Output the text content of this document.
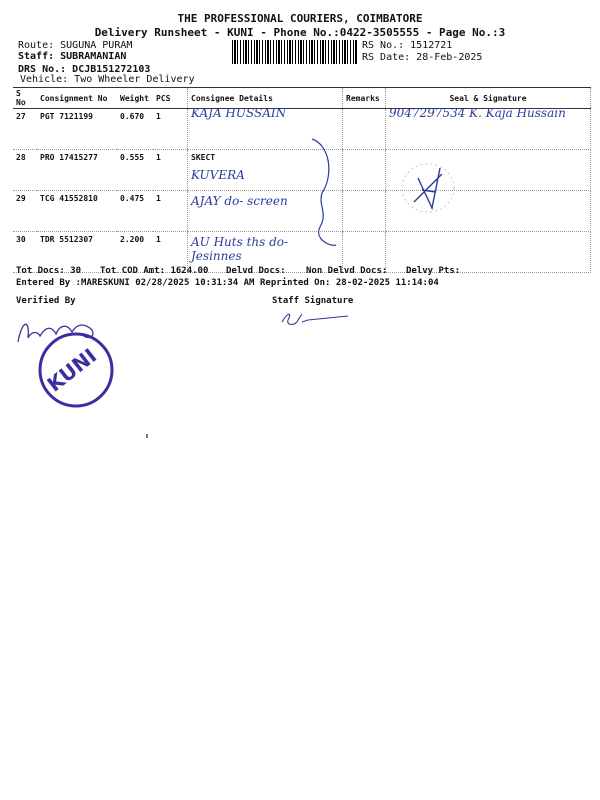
THE PROFESSIONAL COURIERS, COIMBATORE
Delivery Runsheet - KUNI - Phone No.:0422-3505555 - Page No.:3
Route: SUGUNA PURAM
Staff: SUBRAMANIAN
DRS No.: DCJB151272103
Vehicle: Two Wheeler Delivery
RS No.: 1512721
RS Date: 28-Feb-2025
S No	Consignment No	Weight	PCS	Consignee Details	Remarks	Seal & Signature
27	PGT 7121199	0.670	1	KAJA HUSSAIN		9047297534 K. Kaja Hussain

28	PRO 17415277	0.555	1	SKECT
KUVERA		

29	TCG 41552810	0.475	1	AJAY do- screen		

30	TDR 5512307	2.200	1	AU Huts ths do- Jesinnes		

Tot Docs: 30 Tot COD Amt: 1624.00 Delvd Docs: Non Delvd Docs: Delvy Pts:
Entered By :MARESKUNI 02/28/2025 10:31:34 AM Reprinted On: 28-02-2025 11:14:04
Verified By	Staff Signature
KUNI
